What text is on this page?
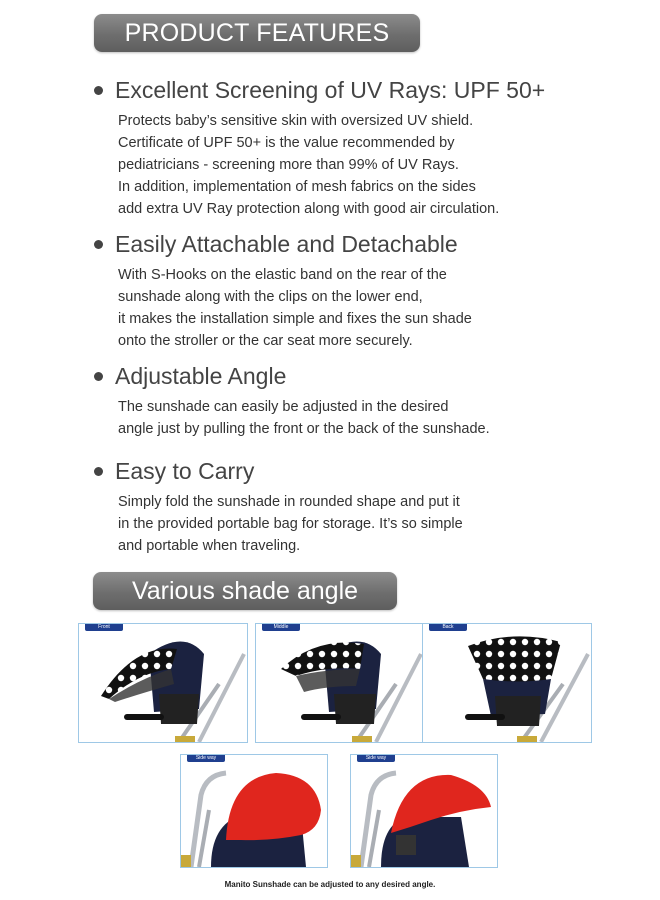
PRODUCT FEATURES
Excellent Screening of UV Rays: UPF 50+
Protects baby’s sensitive skin with oversized UV shield.
Certificate of UPF 50+ is the value recommended by
pediatricians - screening more than 99% of UV Rays.
In addition, implementation of mesh fabrics on the sides
add extra UV Ray protection along with good air circulation.
Easily Attachable and Detachable
With S-Hooks on the elastic band on the rear of the
sunshade along with the clips on the lower end,
it makes the installation simple and fixes the sun shade
onto the stroller or the car seat more securely.
Adjustable Angle
The sunshade can easily be adjusted in the desired
angle just by pulling the front or the back of the sunshade.
Easy to Carry
Simply fold the sunshade in rounded shape and put it
in the provided portable bag for storage. It’s so simple
and portable when traveling.
Various shade angle
Front	Middle	Back
Side way	Side way
Manito Sunshade can be adjusted to any desired angle.
